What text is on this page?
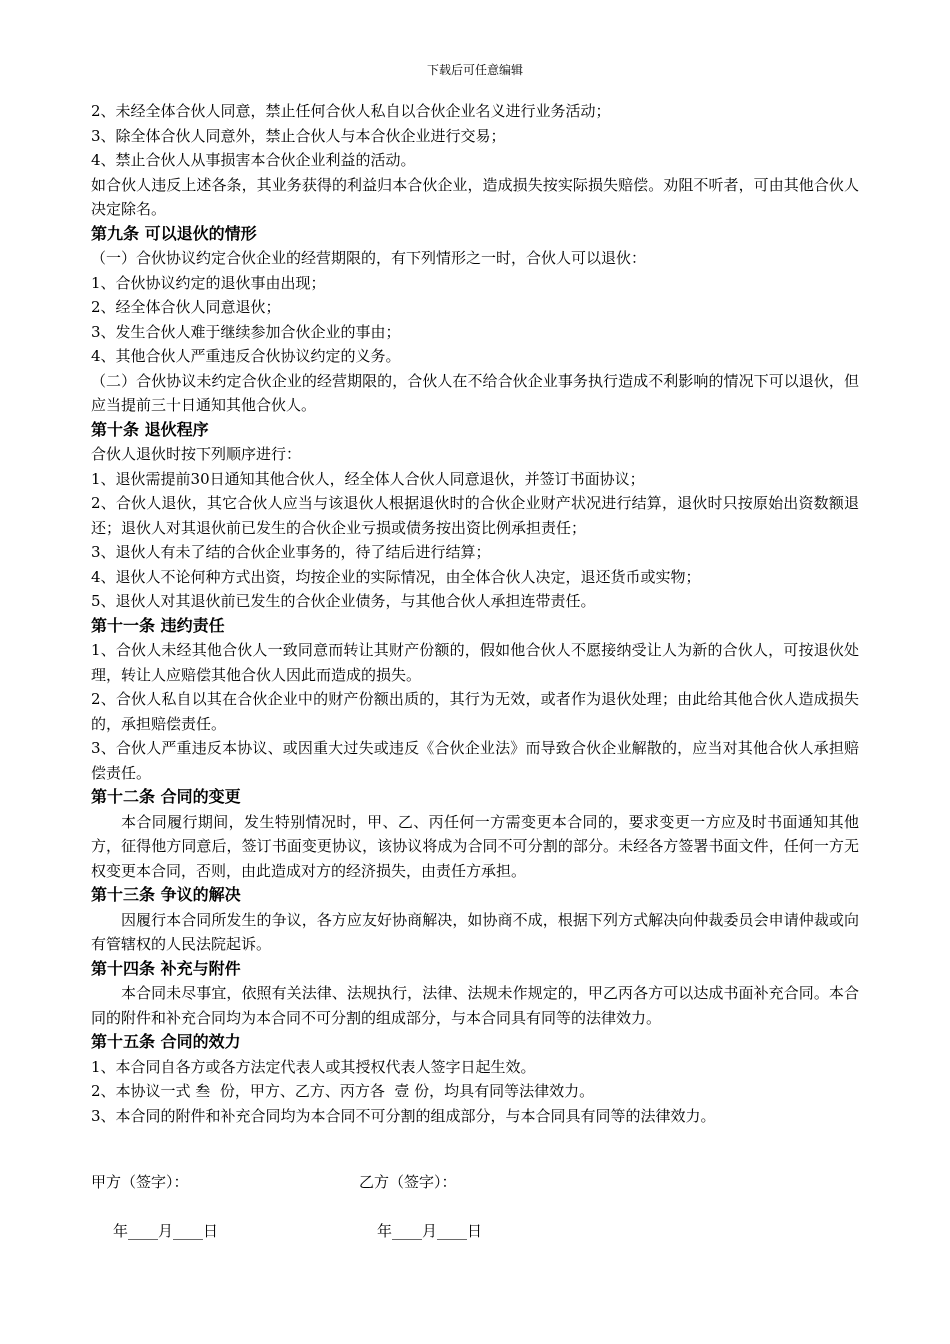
下载后可任意编辑

2、未经全体合伙人同意，禁止任何合伙人私自以合伙企业名义进行业务活动；

3、除全体合伙人同意外，禁止合伙人与本合伙企业进行交易；

4、禁止合伙人从事损害本合伙企业利益的活动。

如合伙人违反上述各条，其业务获得的利益归本合伙企业，造成损失按实际损失赔偿。劝阻不听者，可由其他合伙人决定除名。

第九条 可以退伙的情形

（一）合伙协议约定合伙企业的经营期限的，有下列情形之一时，合伙人可以退伙：

1、合伙协议约定的退伙事由出现；

2、经全体合伙人同意退伙；

3、发生合伙人难于继续参加合伙企业的事由；

4、其他合伙人严重违反合伙协议约定的义务。

（二）合伙协议未约定合伙企业的经营期限的，合伙人在不给合伙企业事务执行造成不利影响的情况下可以退伙，但应当提前三十日通知其他合伙人。

第十条 退伙程序

合伙人退伙时按下列顺序进行：

1、退伙需提前30日通知其他合伙人，经全体人合伙人同意退伙，并签订书面协议；

2、合伙人退伙，其它合伙人应当与该退伙人根据退伙时的合伙企业财产状况进行结算，退伙时只按原始出资数额退还；退伙人对其退伙前已发生的合伙企业亏损或债务按出资比例承担责任；

3、退伙人有未了结的合伙企业事务的，待了结后进行结算；

4、退伙人不论何种方式出资，均按企业的实际情况，由全体合伙人决定，退还货币或实物；

5、退伙人对其退伙前已发生的合伙企业债务，与其他合伙人承担连带责任。

第十一条 违约责任

1、合伙人未经其他合伙人一致同意而转让其财产份额的，假如他合伙人不愿接纳受让人为新的合伙人，可按退伙处理，转让人应赔偿其他合伙人因此而造成的损失。

2、合伙人私自以其在合伙企业中的财产份额出质的，其行为无效，或者作为退伙处理；由此给其他合伙人造成损失的，承担赔偿责任。

3、合伙人严重违反本协议、或因重大过失或违反《合伙企业法》而导致合伙企业解散的，应当对其他合伙人承担赔偿责任。

第十二条 合同的变更

本合同履行期间，发生特别情况时，甲、乙、丙任何一方需变更本合同的，要求变更一方应及时书面通知其他方，征得他方同意后，签订书面变更协议，该协议将成为合同不可分割的部分。未经各方签署书面文件，任何一方无权变更本合同，否则，由此造成对方的经济损失，由责任方承担。

第十三条 争议的解决

因履行本合同所发生的争议，各方应友好协商解决，如协商不成，根据下列方式解决向仲裁委员会申请仲裁或向有管辖权的人民法院起诉。

第十四条 补充与附件

本合同未尽事宜，依照有关法律、法规执行，法律、法规未作规定的，甲乙丙各方可以达成书面补充合同。本合同的附件和补充合同均为本合同不可分割的组成部分，与本合同具有同等的法律效力。

第十五条 合同的效力

1、本合同自各方或各方法定代表人或其授权代表人签字日起生效。

2、本协议一式 叁  份，甲方、乙方、丙方各  壹 份，均具有同等法律效力。

3、本合同的附件和补充合同均为本合同不可分割的组成部分，与本合同具有同等的法律效力。

甲方（签字）：	乙方（签字）：
年____月____日	年____月____日
